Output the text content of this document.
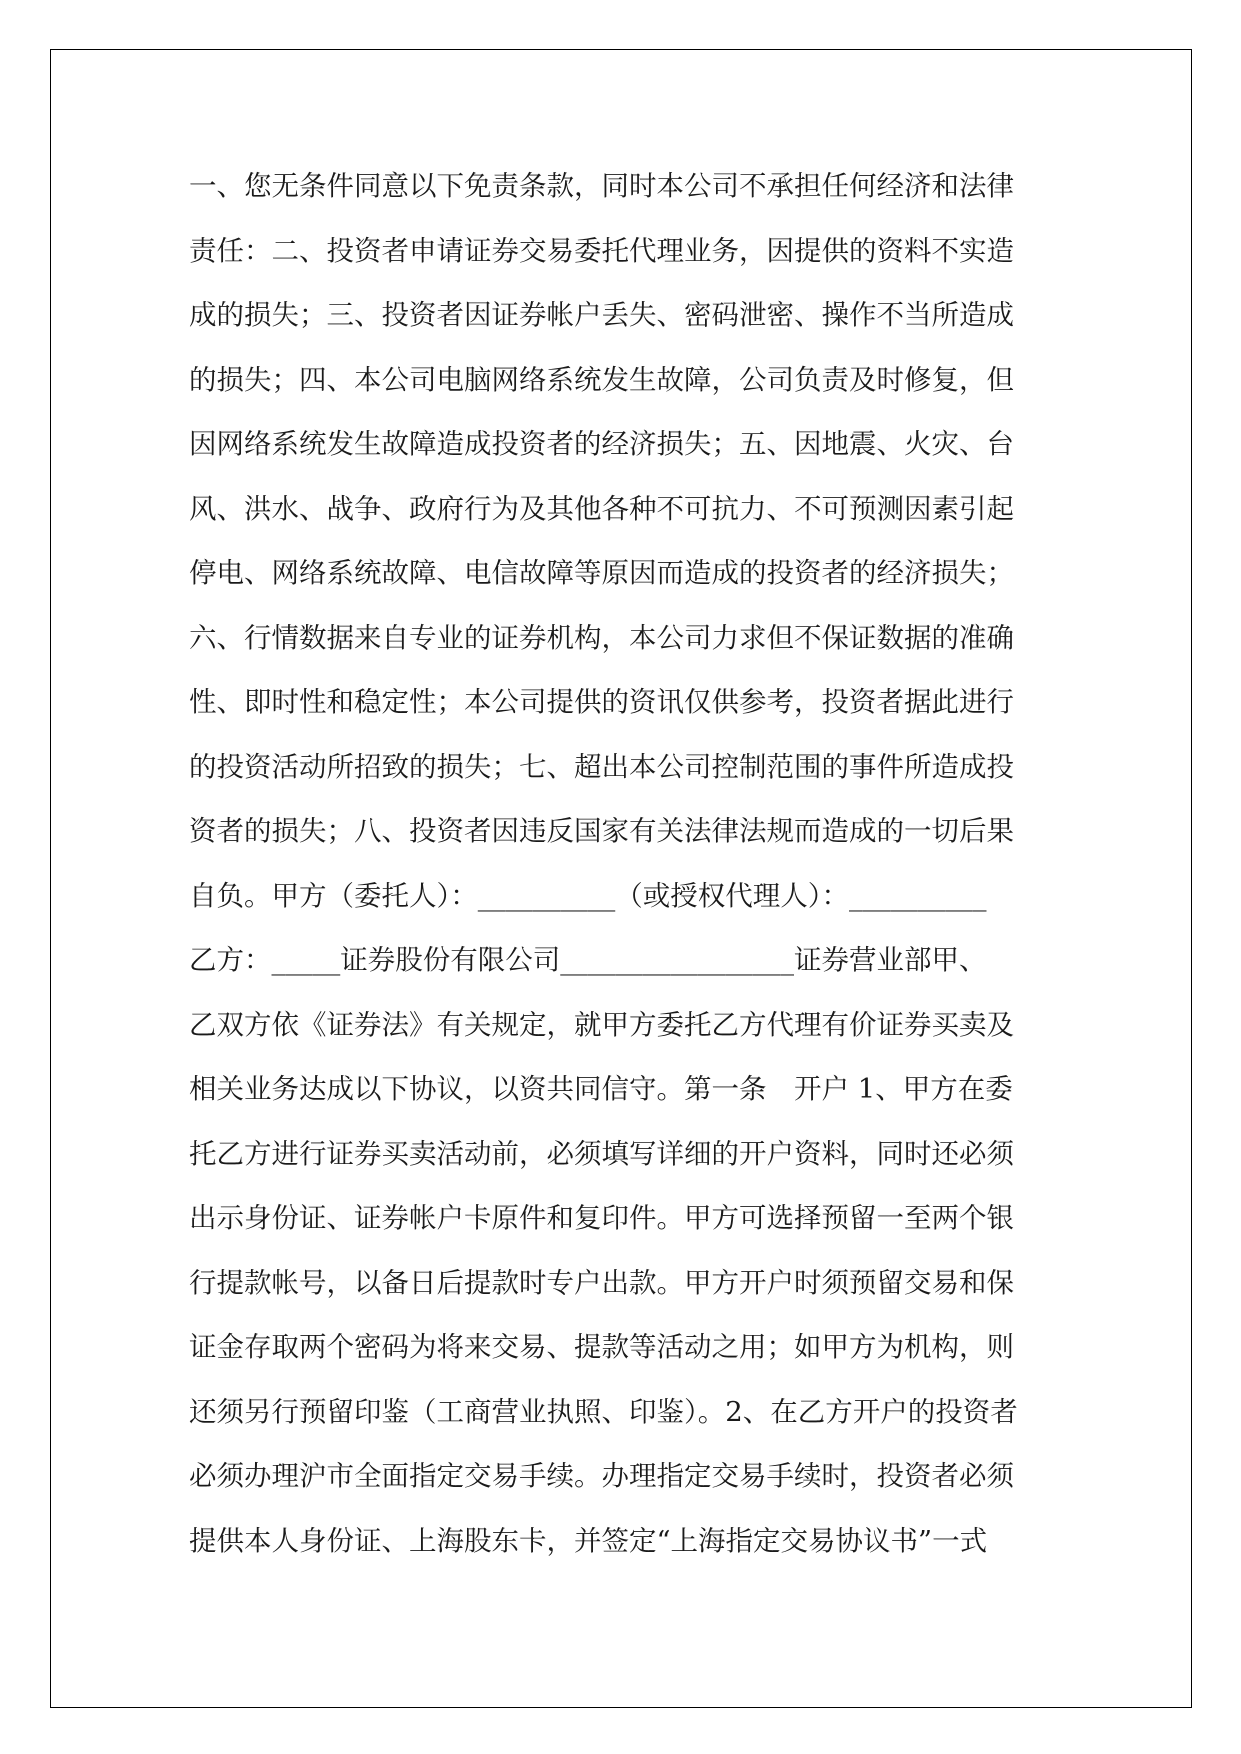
一、您无条件同意以下免责条款，同时本公司不承担任何经济和法律
责任：二、投资者申请证券交易委托代理业务，因提供的资料不实造
成的损失；三、投资者因证券帐户丢失、密码泄密、操作不当所造成
的损失；四、本公司电脑网络系统发生故障，公司负责及时修复，但
因网络系统发生故障造成投资者的经济损失；五、因地震、火灾、台
风、洪水、战争、政府行为及其他各种不可抗力、不可预测因素引起
停电、网络系统故障、电信故障等原因而造成的投资者的经济损失；
六、行情数据来自专业的证券机构，本公司力求但不保证数据的准确
性、即时性和稳定性；本公司提供的资讯仅供参考，投资者据此进行
的投资活动所招致的损失；七、超出本公司控制范围的事件所造成投
资者的损失；八、投资者因违反国家有关法律法规而造成的一切后果
自负。甲方（委托人）：__________（或授权代理人）：__________
乙方：_____证券股份有限公司_________________证券营业部甲、
乙双方依《证券法》有关规定，就甲方委托乙方代理有价证券买卖及
相关业务达成以下协议，以资共同信守。第一条　开户 1、甲方在委
托乙方进行证券买卖活动前，必须填写详细的开户资料，同时还必须
出示身份证、证券帐户卡原件和复印件。甲方可选择预留一至两个银
行提款帐号，以备日后提款时专户出款。甲方开户时须预留交易和保
证金存取两个密码为将来交易、提款等活动之用；如甲方为机构，则
还须另行预留印鉴（工商营业执照、印鉴）。2、在乙方开户的投资者
必须办理沪市全面指定交易手续。办理指定交易手续时，投资者必须
提供本人身份证、上海股东卡，并签定“上海指定交易协议书”一式
